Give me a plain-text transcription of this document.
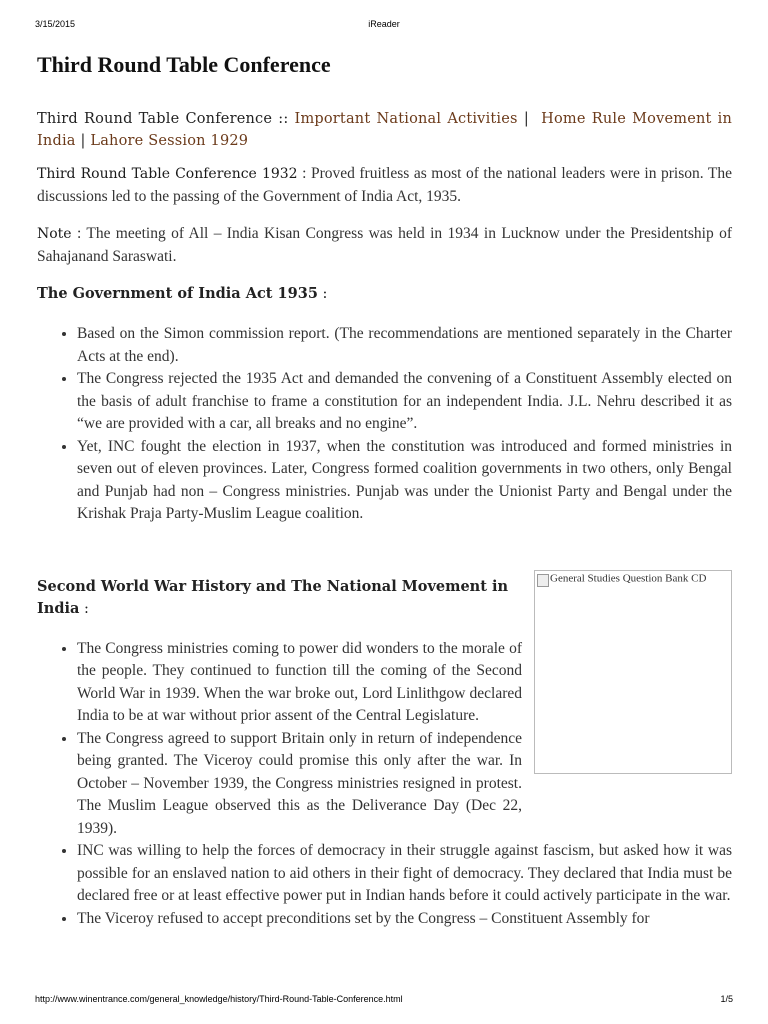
3/15/2015	iReader
Third Round Table Conference
Third Round Table Conference :: Important National Activities | Home Rule Movement in India | Lahore Session 1929

Third Round Table Conference 1932 : Proved fruitless as most of the national leaders were in prison. The discussions led to the passing of the Government of India Act, 1935.

Note : The meeting of All – India Kisan Congress was held in 1934 in Lucknow under the Presidentship of Sahajanand Saraswati.

The Government of India Act 1935 :
• Based on the Simon commission report. (The recommendations are mentioned separately in the Charter Acts at the end).
• The Congress rejected the 1935 Act and demanded the convening of a Constituent Assembly elected on the basis of adult franchise to frame a constitution for an independent India. J.L. Nehru described it as “we are provided with a car, all breaks and no engine”.
• Yet, INC fought the election in 1937, when the constitution was introduced and formed ministries in seven out of eleven provinces. Later, Congress formed coalition governments in two others, only Bengal and Punjab had non – Congress ministries. Punjab was under the Unionist Party and Bengal under the Krishak Praja Party-Muslim League coalition.
General Studies Question Bank CD
Second World War History and The National Movement in India :
• The Congress ministries coming to power did wonders to the morale of the people. They continued to function till the coming of the Second World War in 1939. When the war broke out, Lord Linlithgow declared India to be at war without prior assent of the Central Legislature.
• The Congress agreed to support Britain only in return of independence being granted. The Viceroy could promise this only after the war. In October – November 1939, the Congress ministries resigned in protest. The Muslim League observed this as the Deliverance Day (Dec 22, 1939).
• INC was willing to help the forces of democracy in their struggle against fascism, but asked how it was possible for an enslaved nation to aid others in their fight of democracy. They declared that India must be declared free or at least effective power put in Indian hands before it could actively participate in the war.
• The Viceroy refused to accept preconditions set by the Congress – Constituent Assembly for
http://www.winentrance.com/general_knowledge/history/Third-Round-Table-Conference.html	1/5
